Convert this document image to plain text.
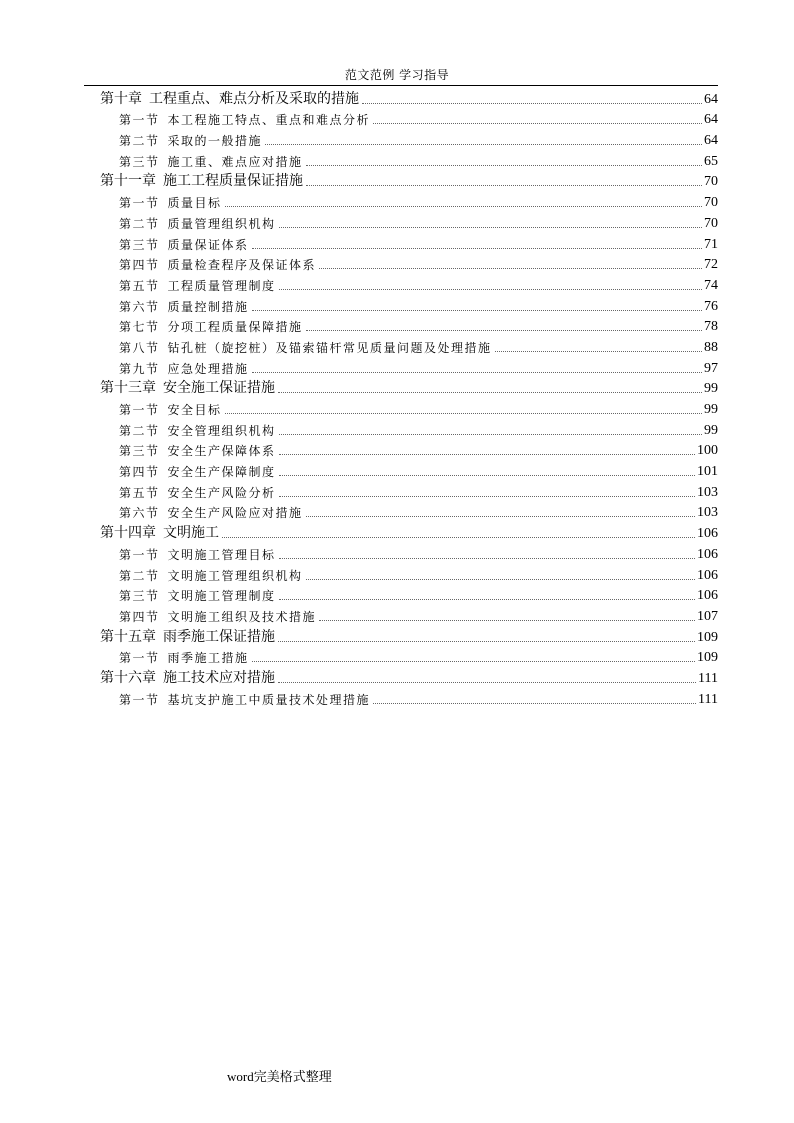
范文范例 学习指导
第十章 工程重点、难点分析及采取的措施	64
第一节 本工程施工特点、重点和难点分析	64
第二节 采取的一般措施	64
第三节 施工重、难点应对措施	65
第十一章 施工工程质量保证措施	70
第一节 质量目标	70
第二节 质量管理组织机构	70
第三节 质量保证体系	71
第四节 质量检查程序及保证体系	72
第五节 工程质量管理制度	74
第六节 质量控制措施	76
第七节 分项工程质量保障措施	78
第八节 钻孔桩（旋挖桩）及锚索锚杆常见质量问题及处理措施	88
第九节 应急处理措施	97
第十三章 安全施工保证措施	99
第一节 安全目标	99
第二节 安全管理组织机构	99
第三节 安全生产保障体系	100
第四节 安全生产保障制度	101
第五节 安全生产风险分析	103
第六节 安全生产风险应对措施	103
第十四章 文明施工	106
第一节 文明施工管理目标	106
第二节 文明施工管理组织机构	106
第三节 文明施工管理制度	106
第四节 文明施工组织及技术措施	107
第十五章 雨季施工保证措施	109
第一节 雨季施工措施	109
第十六章 施工技术应对措施	111
第一节 基坑支护施工中质量技术处理措施	111
word完美格式整理
